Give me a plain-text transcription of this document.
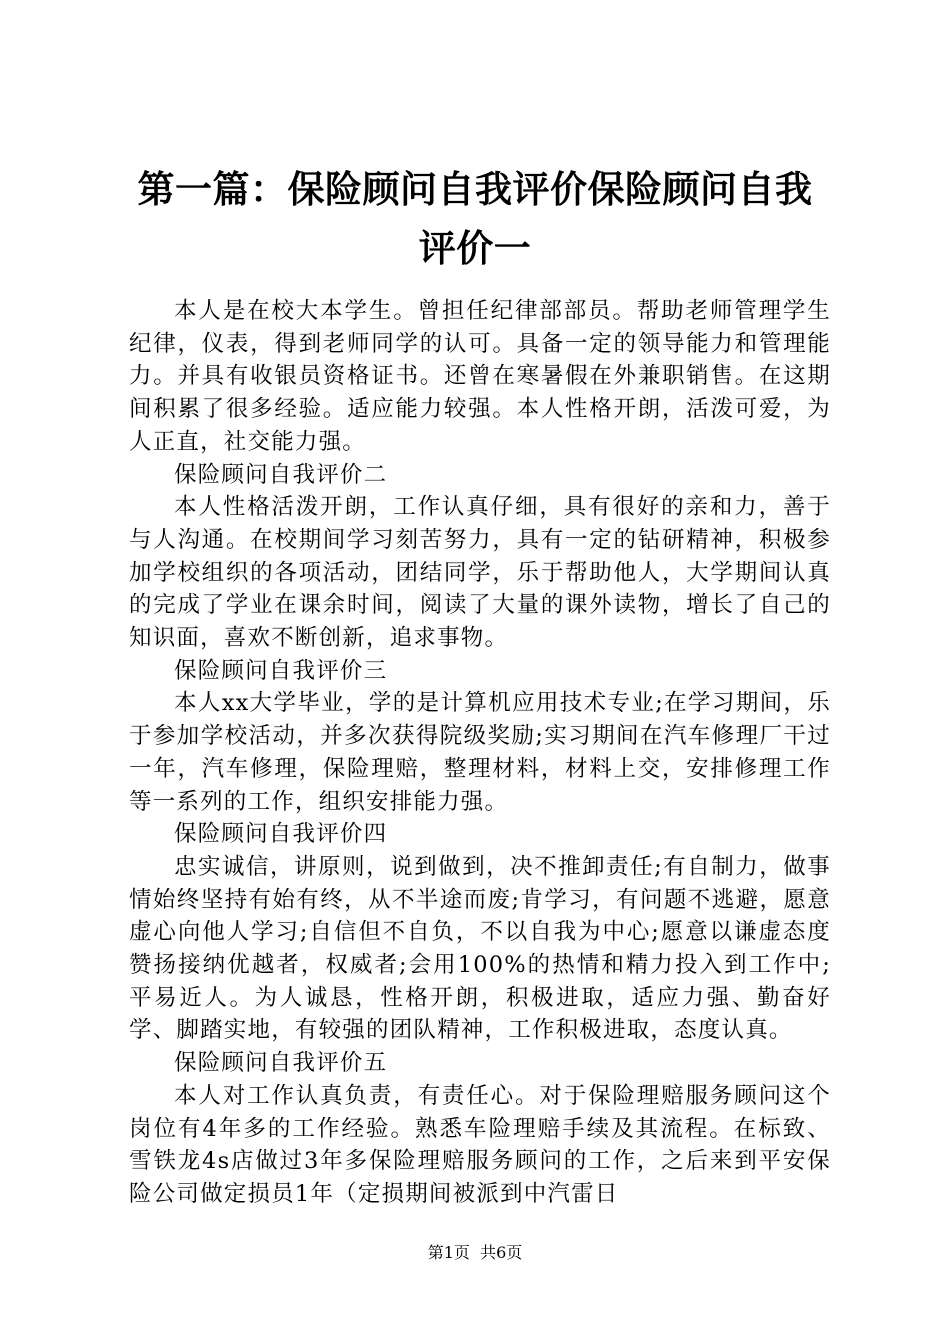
第一篇：保险顾问自我评价保险顾问自我评价一

本人是在校大本学生。曾担任纪律部部员。帮助老师管理学生纪律，仪表，得到老师同学的认可。具备一定的领导能力和管理能力。并具有收银员资格证书。还曾在寒暑假在外兼职销售。在这期间积累了很多经验。适应能力较强。本人性格开朗，活泼可爱，为人正直，社交能力强。

保险顾问自我评价二

本人性格活泼开朗，工作认真仔细，具有很好的亲和力，善于与人沟通。在校期间学习刻苦努力，具有一定的钻研精神，积极参加学校组织的各项活动，团结同学，乐于帮助他人，大学期间认真的完成了学业在课余时间，阅读了大量的课外读物，增长了自己的知识面，喜欢不断创新，追求事物。

保险顾问自我评价三

本人xx大学毕业，学的是计算机应用技术专业;在学习期间，乐于参加学校活动，并多次获得院级奖励;实习期间在汽车修理厂干过一年，汽车修理，保险理赔，整理材料，材料上交，安排修理工作等一系列的工作，组织安排能力强。

保险顾问自我评价四

忠实诚信，讲原则，说到做到，决不推卸责任;有自制力，做事情始终坚持有始有终，从不半途而废;肯学习，有问题不逃避，愿意虚心向他人学习;自信但不自负，不以自我为中心;愿意以谦虚态度赞扬接纳优越者，权威者;会用100%的热情和精力投入到工作中;平易近人。为人诚恳，性格开朗，积极进取，适应力强、勤奋好学、脚踏实地，有较强的团队精神，工作积极进取，态度认真。

保险顾问自我评价五

本人对工作认真负责，有责任心。对于保险理赔服务顾问这个岗位有4年多的工作经验。熟悉车险理赔手续及其流程。在标致、雪铁龙4s店做过3年多保险理赔服务顾问的工作，之后来到平安保险公司做定损员1年（定损期间被派到中汽雷日

第1页  共6页
